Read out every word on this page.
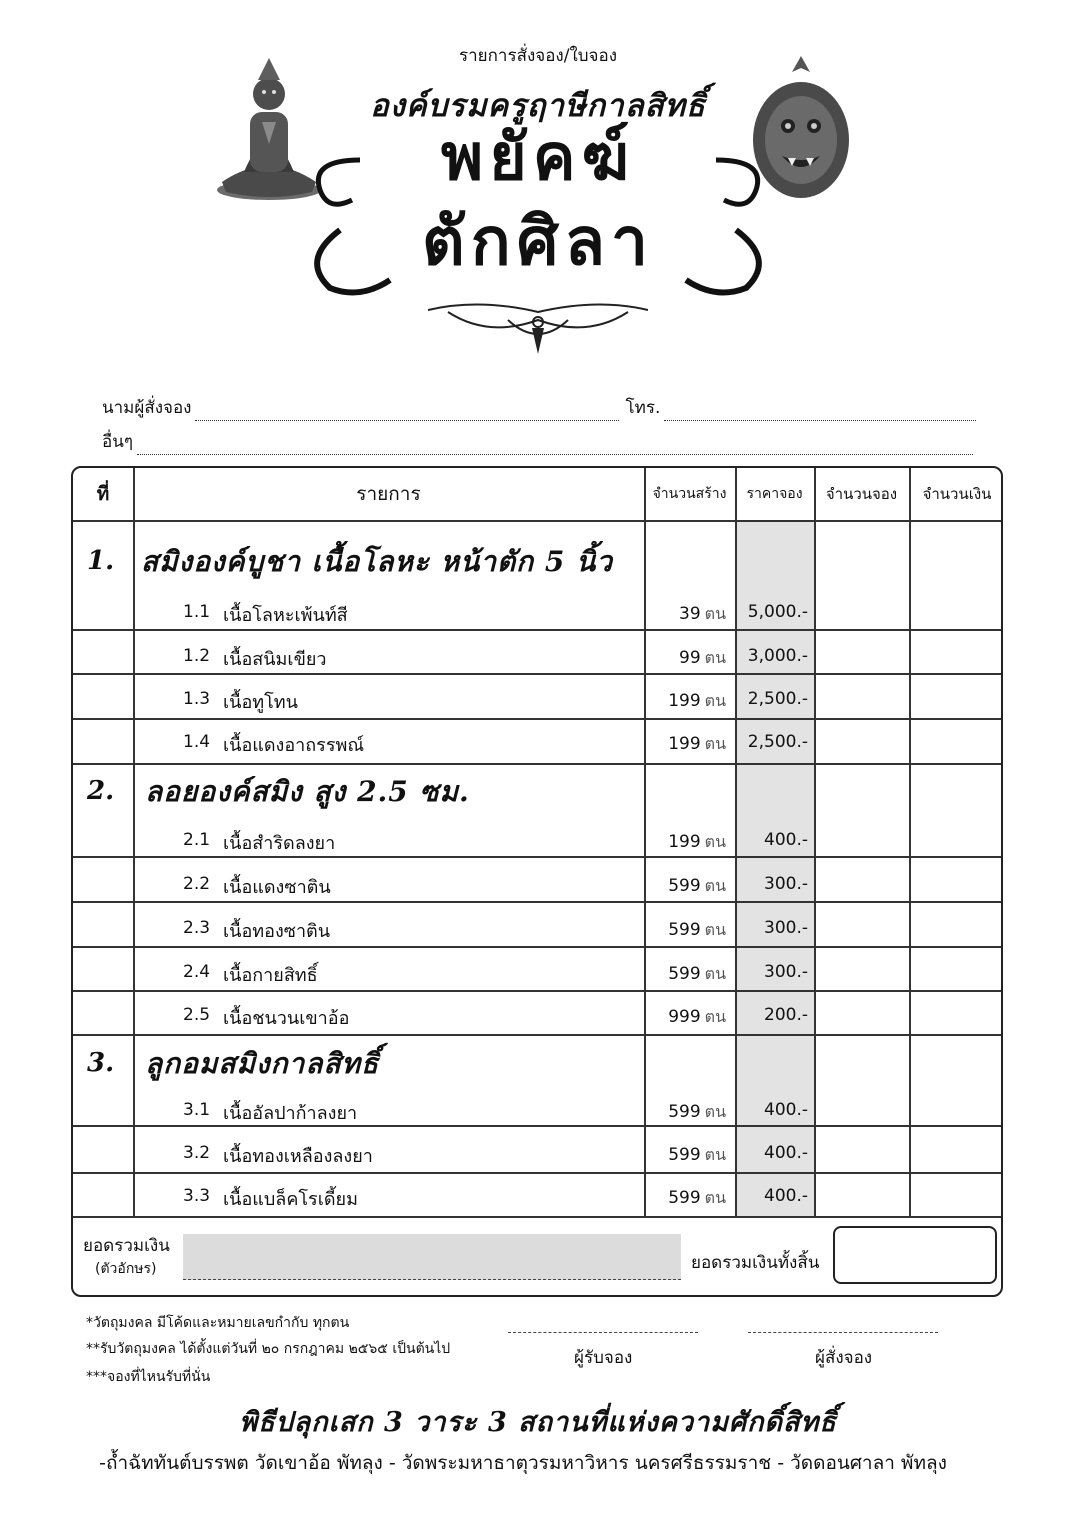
รายการสั่งจอง/ใบจอง
องค์บรมครูฤาษีกาลสิทธิ์
พยัคฆ์
ตักศิลา
นามผู้สั่งจอง	โทร.
อื่นๆ
ที่	รายการ	จำนวนสร้าง	ราคาจอง	จำนวนจอง	จำนวนเงิน
1. สมิงองค์บูชา เนื้อโลหะ หน้าตัก 5 นิ้ว
1.1 เนื้อโลหะเพ้นท์สี	39 ตน	5,000.-
1.2 เนื้อสนิมเขียว	99 ตน	3,000.-
1.3 เนื้อทูโทน	199 ตน	2,500.-
1.4 เนื้อแดงอาถรรพณ์	199 ตน	2,500.-
2. ลอยองค์สมิง สูง 2.5 ซม.
2.1 เนื้อสำริดลงยา	199 ตน	400.-
2.2 เนื้อแดงซาติน	599 ตน	300.-
2.3 เนื้อทองซาติน	599 ตน	300.-
2.4 เนื้อกายสิทธิ์	599 ตน	300.-
2.5 เนื้อชนวนเขาอ้อ	999 ตน	200.-
3. ลูกอมสมิงกาลสิทธิ์
3.1 เนื้ออัลปาก้าลงยา	599 ตน	400.-
3.2 เนื้อทองเหลืองลงยา	599 ตน	400.-
3.3 เนื้อแบล็คโรเดี้ยม	599 ตน	400.-
ยอดรวมเงิน
(ตัวอักษร)	ยอดรวมเงินทั้งสิ้น
*วัตถุมงคล มีโค้ดและหมายเลขกำกับ ทุกตน
**รับวัตถุมงคล ได้ตั้งแต่วันที่ ๒๐ กรกฎาคม ๒๕๖๕ เป็นต้นไป
***จองที่ไหนรับที่นั่น
ผู้รับจอง	ผู้สั่งจอง
พิธีปลุกเสก 3 วาระ 3 สถานที่แห่งความศักดิ์สิทธิ์
-ถ้ำฉัททันต์บรรพต วัดเขาอ้อ พัทลุง - วัดพระมหาธาตุวรมหาวิหาร นครศรีธรรมราช - วัดดอนศาลา พัทลุง
